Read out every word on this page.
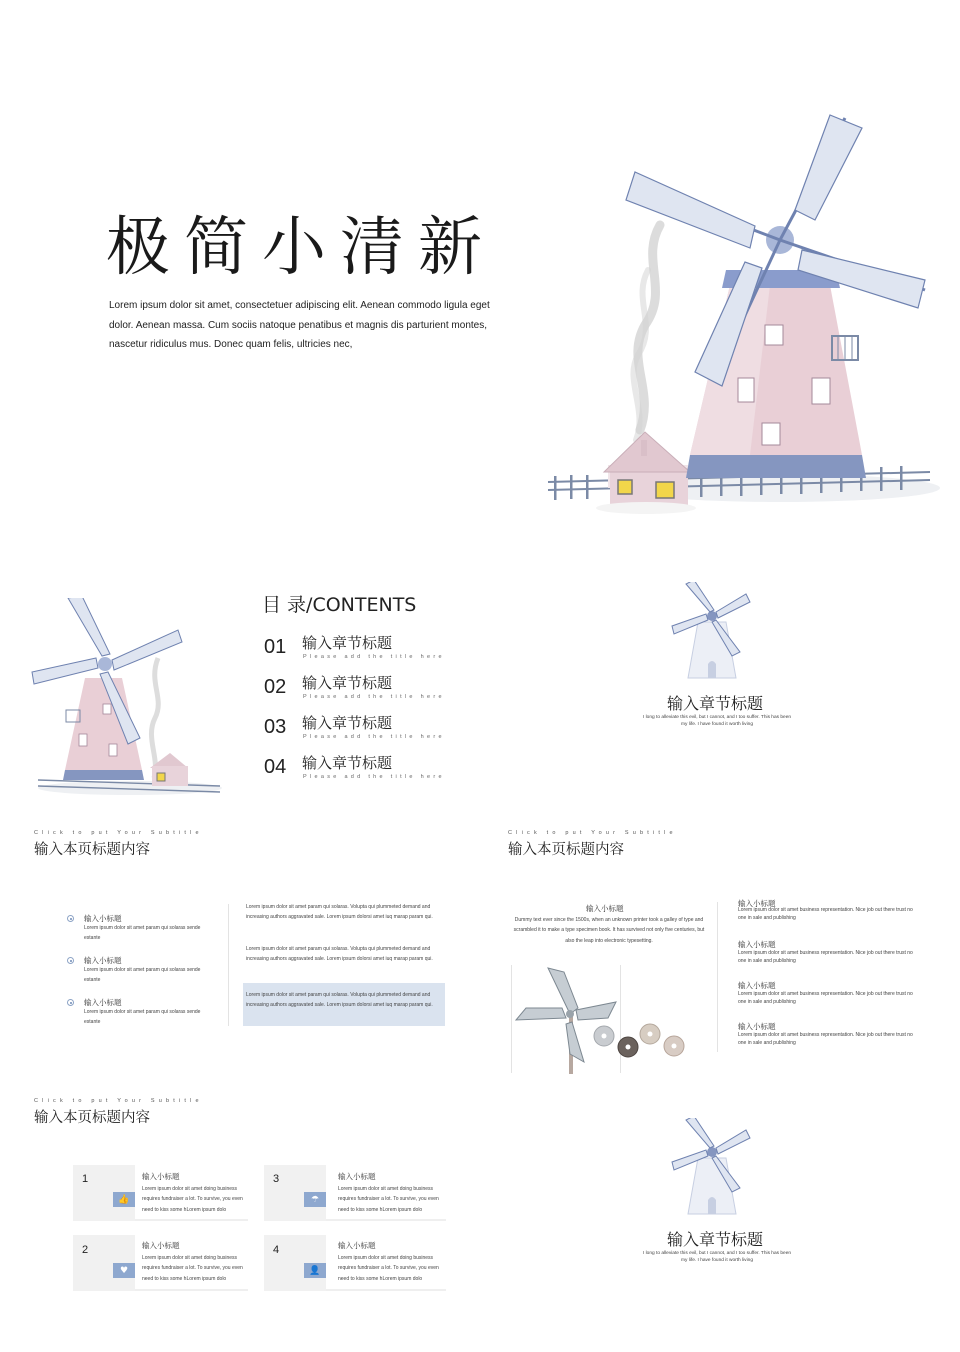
极简小清新
Lorem ipsum dolor sit amet, consectetuer adipiscing elit. Aenean commodo ligula eget dolor. Aenean massa. Cum sociis natoque penatibus et magnis dis parturient montes, nascetur ridiculus mus. Donec quam felis, ultricies nec,
目 录/CONTENTS
01 输入章节标题
Please add the title here
02 输入章节标题
Please add the title here
03 输入章节标题
Please add the title here
04 输入章节标题
Please add the title here
输入章节标题
I long to alleviate this evil, but I cannot, and I too suffer. This has been my life. I have found it worth living
Click to put Your Subtitle
输入本页标题内容
输入小标题
Lorem ipsum dolor sit amet param qui solaras sende estante
输入小标题
Lorem ipsum dolor sit amet param qui solaras sende estante
输入小标题
Lorem ipsum dolor sit amet param qui solaras sende estante
Lorem ipsum dolor sit amet param qui solaras. Volupta qui plummeted demand and increasing authors aggravated sale. Lorem ipsum dolorsi amet iuq marap param qui.
Lorem ipsum dolor sit amet param qui solaras. Volupta qui plummeted demand and increasing authors aggravated sale. Lorem ipsum dolorsi amet iuq marap param qui.
Lorem ipsum dolor sit amet param qui solaras. Volupta qui plummeted demand and increasing authors aggravated sale. Lorem ipsum dolorsi amet iuq marap param qui.
Click to put Your Subtitle
输入本页标题内容
输入小标题
Dummy text ever since the 1500s, when an unknown printer took a galley of type and scrambled it to make a type specimen book. It has survived not only five centuries, but also the leap into electronic typesetting.
输入小标题
Lorem ipsum dolor sit amet business representation. Nice job out there trust no one in sale and publishing
输入小标题
Lorem ipsum dolor sit amet business representation. Nice job out there trust no one in sale and publishing
输入小标题
Lorem ipsum dolor sit amet business representation. Nice job out there trust no one in sale and publishing
输入小标题
Lorem ipsum dolor sit amet business representation. Nice job out there trust no one in sale and publishing
Click to put Your Subtitle
输入本页标题内容
1
👍
输入小标题
Lorem ipsum dolor sit amet doing business requires fundraiser a lot. To survive, you even need to kiss some hLorem ipsum dolo
2
♥
输入小标题
Lorem ipsum dolor sit amet doing business requires fundraiser a lot. To survive, you even need to kiss some hLorem ipsum dolo
3
☂
输入小标题
Lorem ipsum dolor sit amet doing business requires fundraiser a lot. To survive, you even need to kiss some hLorem ipsum dolo
4
👤
输入小标题
Lorem ipsum dolor sit amet doing business requires fundraiser a lot. To survive, you even need to kiss some hLorem ipsum dolo
输入章节标题
I long to alleviate this evil, but I cannot, and I too suffer. This has been my life. I have found it worth living
